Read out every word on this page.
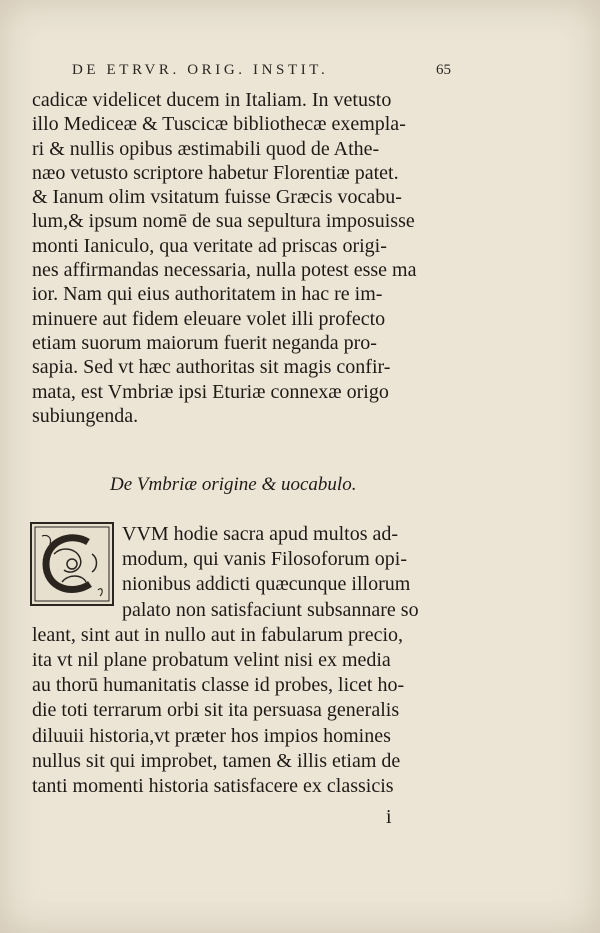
DE ETRVR. ORIG. INSTIT.	65
cadicæ videlicet ducem in Italiam. In vetusto
illo Mediceæ & Tuscicæ bibliothecæ exempla-
ri & nullis opibus æstimabili quod de Athe-
næo vetusto scriptore habetur Florentiæ patet.
& Ianum olim vsitatum fuisse Græcis vocabu-
lum,& ipsum nomē de sua sepultura imposuisse
monti Ianiculo, qua veritate ad priscas origi-
nes affirmandas necessaria, nulla potest esse ma
ior. Nam qui eius authoritatem in hac re im-
minuere aut fidem eleuare volet illi profecto
etiam suorum maiorum fuerit neganda pro-
sapia. Sed vt hæc authoritas sit magis confir-
mata, est Vmbriæ ipsi Eturiæ connexæ origo
subiungenda.
De Vmbriæ origine & uocabulo.
VVM hodie sacra apud multos ad-
modum, qui vanis Filosoforum opi-
nionibus addicti quæcunque illorum
palato non satisfaciunt subsannare so
leant, sint aut in nullo aut in fabularum precio,
ita vt nil plane probatum velint nisi ex media
au thorū humanitatis classe id probes, licet ho-
die toti terrarum orbi sit ita persuasa generalis
diluuii historia,vt præter hos impios homines
nullus sit qui improbet, tamen & illis etiam de
tanti momenti historia satisfacere ex classicis
i
